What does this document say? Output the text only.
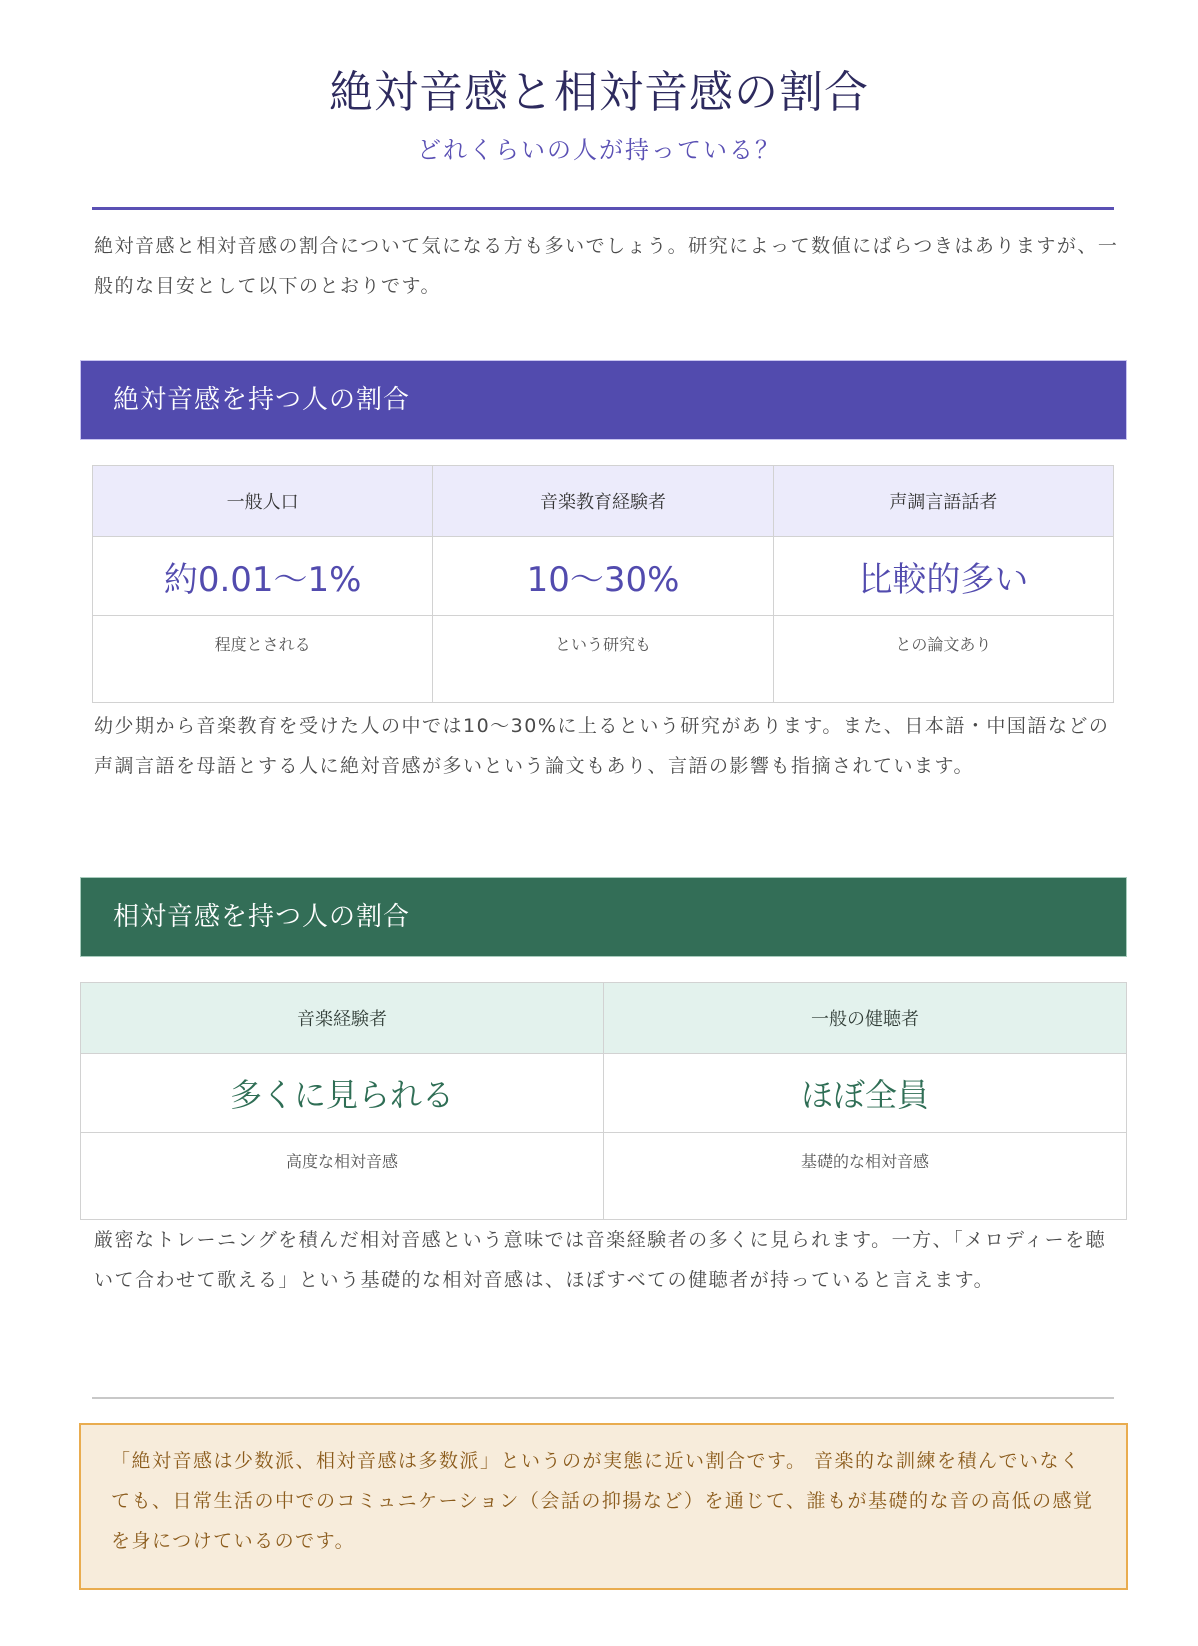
絶対音感と相対音感の割合
どれくらいの人が持っている？

絶対音感と相対音感の割合について気になる方も多いでしょう。研究によって数値にばらつきはありますが、一般的な目安として以下のとおりです。

絶対音感を持つ人の割合
一般人口	音楽教育経験者	声調言語話者
約0.01〜1%	10〜30%	比較的多い
程度とされる	という研究も	との論文あり

幼少期から音楽教育を受けた人の中では10〜30%に上るという研究があります。また、日本語・中国語などの声調言語を母語とする人に絶対音感が多いという論文もあり、言語の影響も指摘されています。

相対音感を持つ人の割合
音楽経験者	一般の健聴者
多くに見られる	ほぼ全員
高度な相対音感	基礎的な相対音感

厳密なトレーニングを積んだ相対音感という意味では音楽経験者の多くに見られます。一方、「メロディーを聴いて合わせて歌える」という基礎的な相対音感は、ほぼすべての健聴者が持っていると言えます。

「絶対音感は少数派、相対音感は多数派」というのが実態に近い割合です。 音楽的な訓練を積んでいなくても、日常生活の中でのコミュニケーション（会話の抑揚など）を通じて、誰もが基礎的な音の高低の感覚を身につけているのです。
